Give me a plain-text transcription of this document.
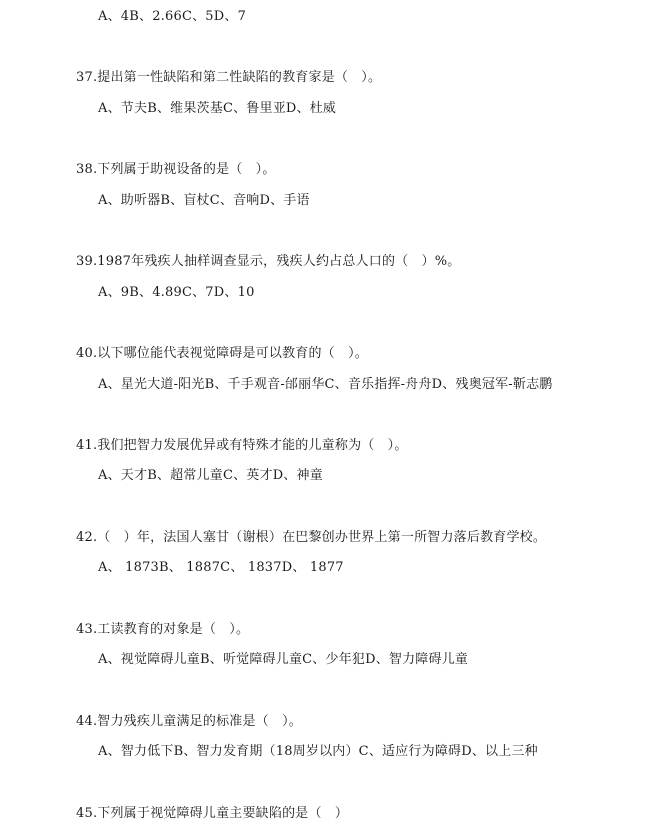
A、4B、2.66C、5D、7
37.提出第一性缺陷和第二性缺陷的教育家是（　）。
A、节夫B、维果茨基C、鲁里亚D、杜威
38.下列属于助视设备的是（　）。
A、助听器B、盲杖C、音响D、手语
39.1987年残疾人抽样调查显示，残疾人约占总人口的（　）%。
A、9B、4.89C、7D、10
40.以下哪位能代表视觉障碍是可以教育的（　）。
A、星光大道-阳光B、千手观音-邰丽华C、音乐指挥-舟舟D、残奥冠军-靳志鹏
41.我们把智力发展优异或有特殊才能的儿童称为（　）。
A、天才B、超常儿童C、英才D、神童
42.（　）年，法国人塞甘（谢根）在巴黎创办世界上第一所智力落后教育学校。
A、 1873B、 1887C、 1837D、 1877
43.工读教育的对象是（　）。
A、视觉障碍儿童B、听觉障碍儿童C、少年犯D、智力障碍儿童
44.智力残疾儿童满足的标准是（　）。
A、智力低下B、智力发育期（18周岁以内）C、适应行为障碍D、以上三种
45.下列属于视觉障碍儿童主要缺陷的是（　）
